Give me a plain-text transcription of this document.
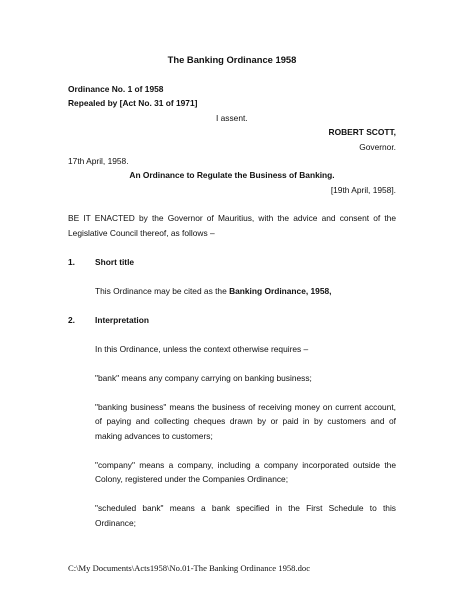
The Banking Ordinance 1958
Ordinance No. 1 of 1958
Repealed by [Act No. 31 of 1971]
I assent.
ROBERT SCOTT,
Governor.
17th April, 1958.
An Ordinance to Regulate the Business of Banking.
[19th April, 1958].
BE IT ENACTED by the Governor of Mauritius, with the advice and consent of the
Legislative Council thereof, as follows –
1. Short title
This Ordinance may be cited as the Banking Ordinance, 1958,
2. Interpretation
In this Ordinance, unless the context otherwise requires –
"bank" means any company carrying on banking business;
"banking business" means the business of receiving money on current account,
of paying and collecting cheques drawn by or paid in by customers and of
making advances to customers;
"company" means a company, including a company incorporated outside the
Colony, registered under the Companies Ordinance;
"scheduled bank" means a bank specified in the First Schedule to this
Ordinance;
C:\My Documents\Acts1958\No.01-The Banking Ordinance 1958.doc
